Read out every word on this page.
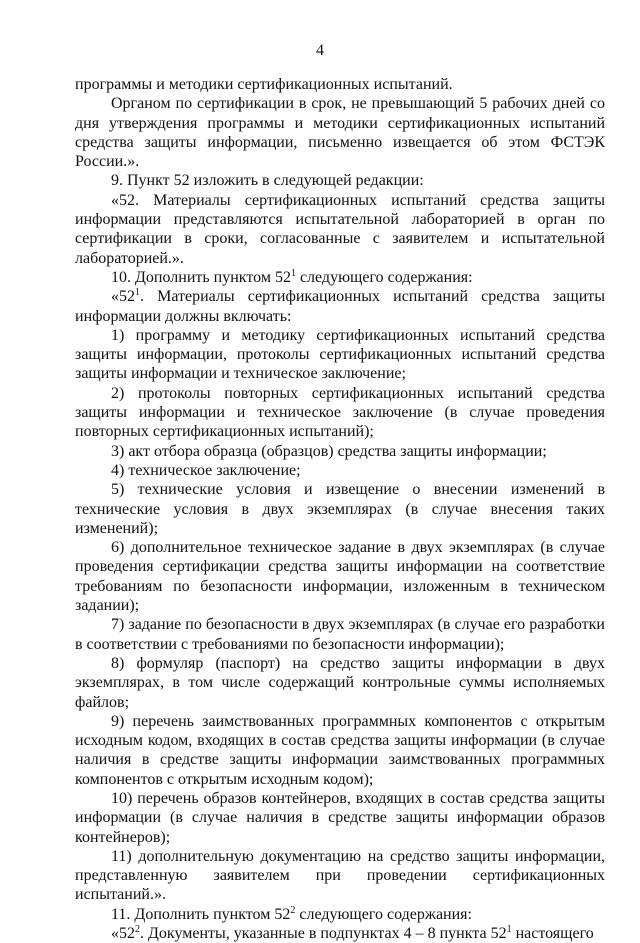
4

программы и методики сертификационных испытаний.

Органом по сертификации в срок, не превышающий 5 рабочих дней со дня утверждения программы и методики сертификационных испытаний средства защиты информации, письменно извещается об этом ФСТЭК России.».

9. Пункт 52 изложить в следующей редакции:

«52. Материалы сертификационных испытаний средства защиты информации представляются испытательной лабораторией в орган по сертификации в сроки, согласованные с заявителем и испытательной лабораторией.».

10. Дополнить пунктом $52^1$ следующего содержания:

«$52^1$. Материалы сертификационных испытаний средства защиты информации должны включать:

1) программу и методику сертификационных испытаний средства защиты информации, протоколы сертификационных испытаний средства защиты информации и техническое заключение;

2) протоколы повторных сертификационных испытаний средства защиты информации и техническое заключение (в случае проведения повторных сертификационных испытаний);

3) акт отбора образца (образцов) средства защиты информации;

4) техническое заключение;

5) технические условия и извещение о внесении изменений в технические условия в двух экземплярах (в случае внесения таких изменений);

6) дополнительное техническое задание в двух экземплярах (в случае проведения сертификации средства защиты информации на соответствие требованиям по безопасности информации, изложенным в техническом задании);

7) задание по безопасности в двух экземплярах (в случае его разработки в соответствии с требованиями по безопасности информации);

8) формуляр (паспорт) на средство защиты информации в двух экземплярах, в том числе содержащий контрольные суммы исполняемых файлов;

9) перечень заимствованных программных компонентов с открытым исходным кодом, входящих в состав средства защиты информации (в случае наличия в средстве защиты информации заимствованных программных компонентов с открытым исходным кодом);

10) перечень образов контейнеров, входящих в состав средства защиты информации (в случае наличия в средстве защиты информации образов контейнеров);

11) дополнительную документацию на средство защиты информации, представленную заявителем при проведении сертификационных испытаний.».

11. Дополнить пунктом $52^2$ следующего содержания:

«$52^2$. Документы, указанные в подпунктах 4 – 8 пункта $52^1$ настоящего
